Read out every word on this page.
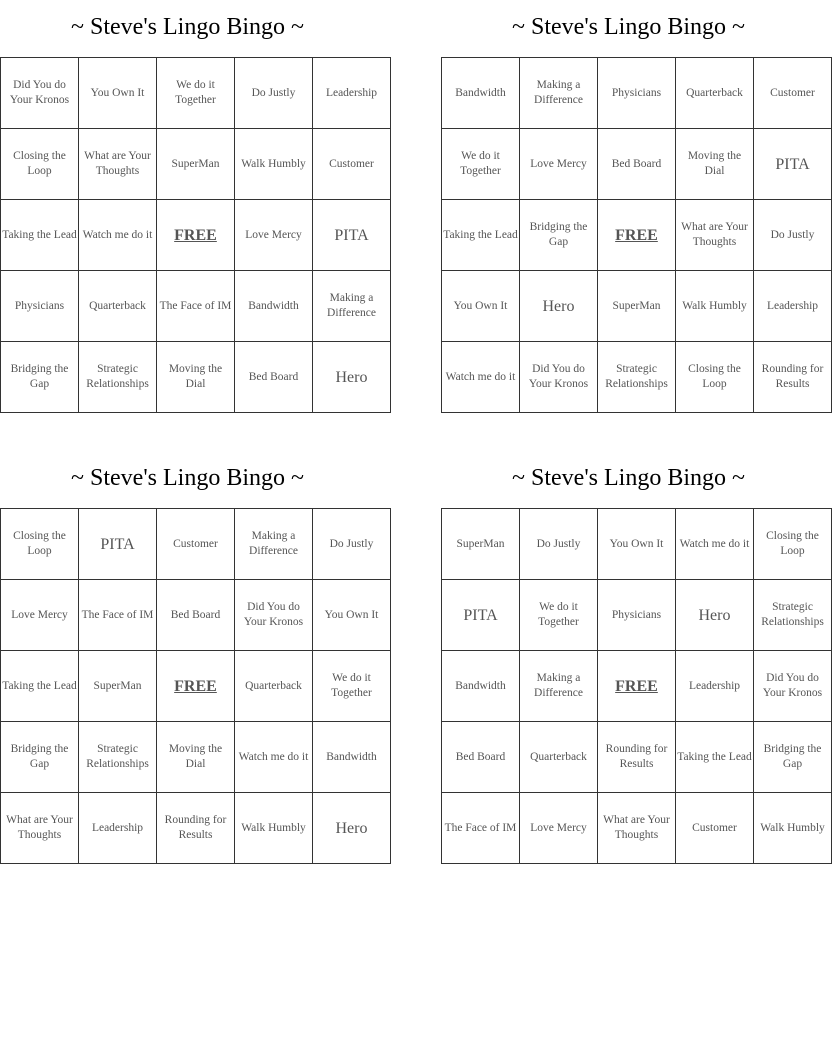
~ Steve's Lingo Bingo ~
Did You do Your Kronos	You Own It	We do it Together	Do Justly	Leadership
Closing the Loop	What are Your Thoughts	SuperMan	Walk Humbly	Customer
Taking the Lead	Watch me do it	FREE	Love Mercy	PITA
Physicians	Quarterback	The Face of IM	Bandwidth	Making a Difference
Bridging the Gap	Strategic Relationships	Moving the Dial	Bed Board	Hero
~ Steve's Lingo Bingo ~
Bandwidth	Making a Difference	Physicians	Quarterback	Customer
We do it Together	Love Mercy	Bed Board	Moving the Dial	PITA
Taking the Lead	Bridging the Gap	FREE	What are Your Thoughts	Do Justly
You Own It	Hero	SuperMan	Walk Humbly	Leadership
Watch me do it	Did You do Your Kronos	Strategic Relationships	Closing the Loop	Rounding for Results
~ Steve's Lingo Bingo ~
Closing the Loop	PITA	Customer	Making a Difference	Do Justly
Love Mercy	The Face of IM	Bed Board	Did You do Your Kronos	You Own It
Taking the Lead	SuperMan	FREE	Quarterback	We do it Together
Bridging the Gap	Strategic Relationships	Moving the Dial	Watch me do it	Bandwidth
What are Your Thoughts	Leadership	Rounding for Results	Walk Humbly	Hero
~ Steve's Lingo Bingo ~
SuperMan	Do Justly	You Own It	Watch me do it	Closing the Loop
PITA	We do it Together	Physicians	Hero	Strategic Relationships
Bandwidth	Making a Difference	FREE	Leadership	Did You do Your Kronos
Bed Board	Quarterback	Rounding for Results	Taking the Lead	Bridging the Gap
The Face of IM	Love Mercy	What are Your Thoughts	Customer	Walk Humbly
